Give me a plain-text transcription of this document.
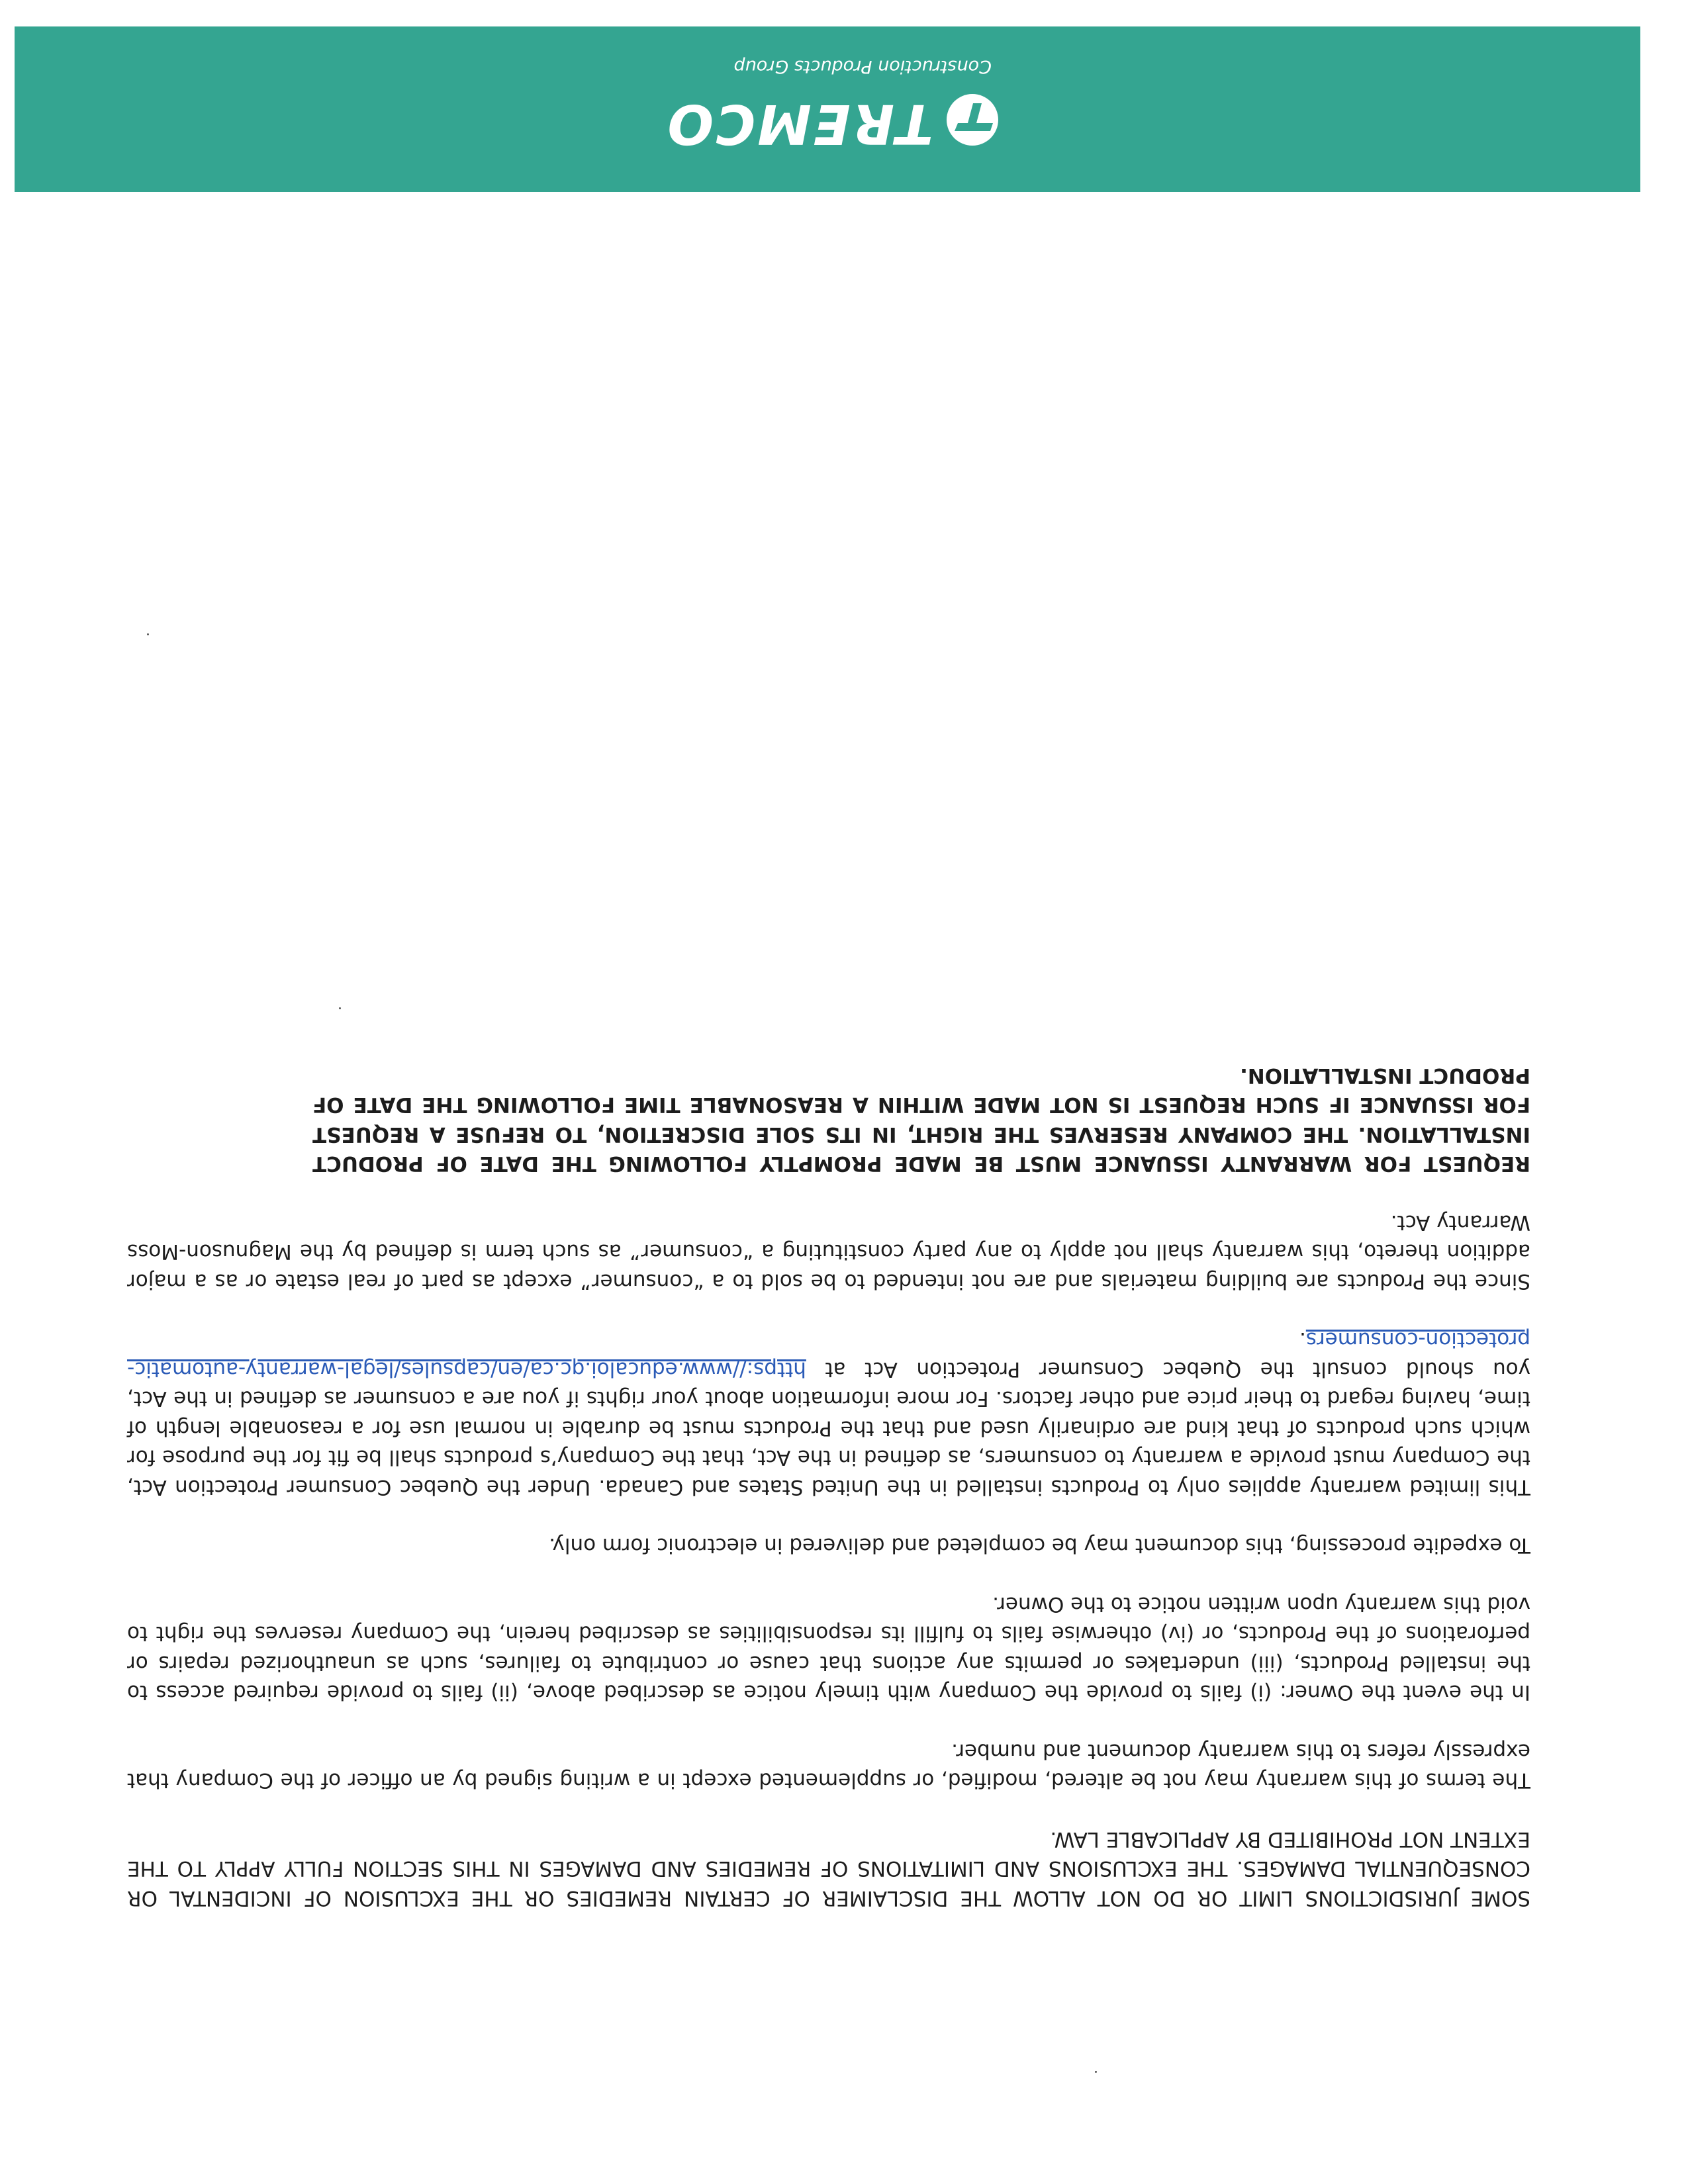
SOME JURISDICTIONS LIMIT OR DO NOT ALLOW THE DISCLAIMER OF CERTAIN REMEDIES OR THE EXCLUSION OF INCIDENTAL OR CONSEQUENTIAL DAMAGES. THE EXCLUSIONS AND LIMITATIONS OF REMEDIES AND DAMAGES IN THIS SECTION FULLY APPLY TO THE EXTENT NOT PROHIBITED BY APPLICABLE LAW.

The terms of this warranty may not be altered, modified, or supplemented except in a writing signed by an officer of the Company that expressly refers to this warranty document and number.

In the event the Owner: (i) fails to provide the Company with timely notice as described above, (ii) fails to provide required access to the installed Products, (iii) undertakes or permits any actions that cause or contribute to failures, such as unauthorized repairs or perforations of the Products, or (iv) otherwise fails to fulfill its responsibilities as described herein, the Company reserves the right to void this warranty upon written notice to the Owner.

To expedite processing, this document may be completed and delivered in electronic form only.

This limited warranty applies only to Products installed in the United States and Canada. Under the Quebec Consumer Protection Act, the Company must provide a warranty to consumers, as defined in the Act, that the Company’s products shall be fit for the purpose for which such products of that kind are ordinarily used and that the Products must be durable in normal use for a reasonable length of time, having regard to their price and other factors. For more information about your rights if you are a consumer as defined in the Act, you should consult the Quebec Consumer Protection Act at https://www.educaloi.qc.ca/en/capsules/legal-warranty-automatic-protection-consumers.

Since the Products are building materials and are not intended to be sold to a “consumer” except as part of real estate or as a major addition thereto, this warranty shall not apply to any party constituting a “consumer” as such term is defined by the Magnuson-Moss Warranty Act.

REQUEST FOR WARRANTY ISSUANCE MUST BE MADE PROMPTLY FOLLOWING THE DATE OF PRODUCT INSTALLATION. THE COMPANY RESERVES THE RIGHT, IN ITS SOLE DISCRETION, TO REFUSE A REQUEST FOR ISSUANCE IF SUCH REQUEST IS NOT MADE WITHIN A REASONABLE TIME FOLLOWING THE DATE OF PRODUCT INSTALLATION.

TREMCO
Construction Products Group
